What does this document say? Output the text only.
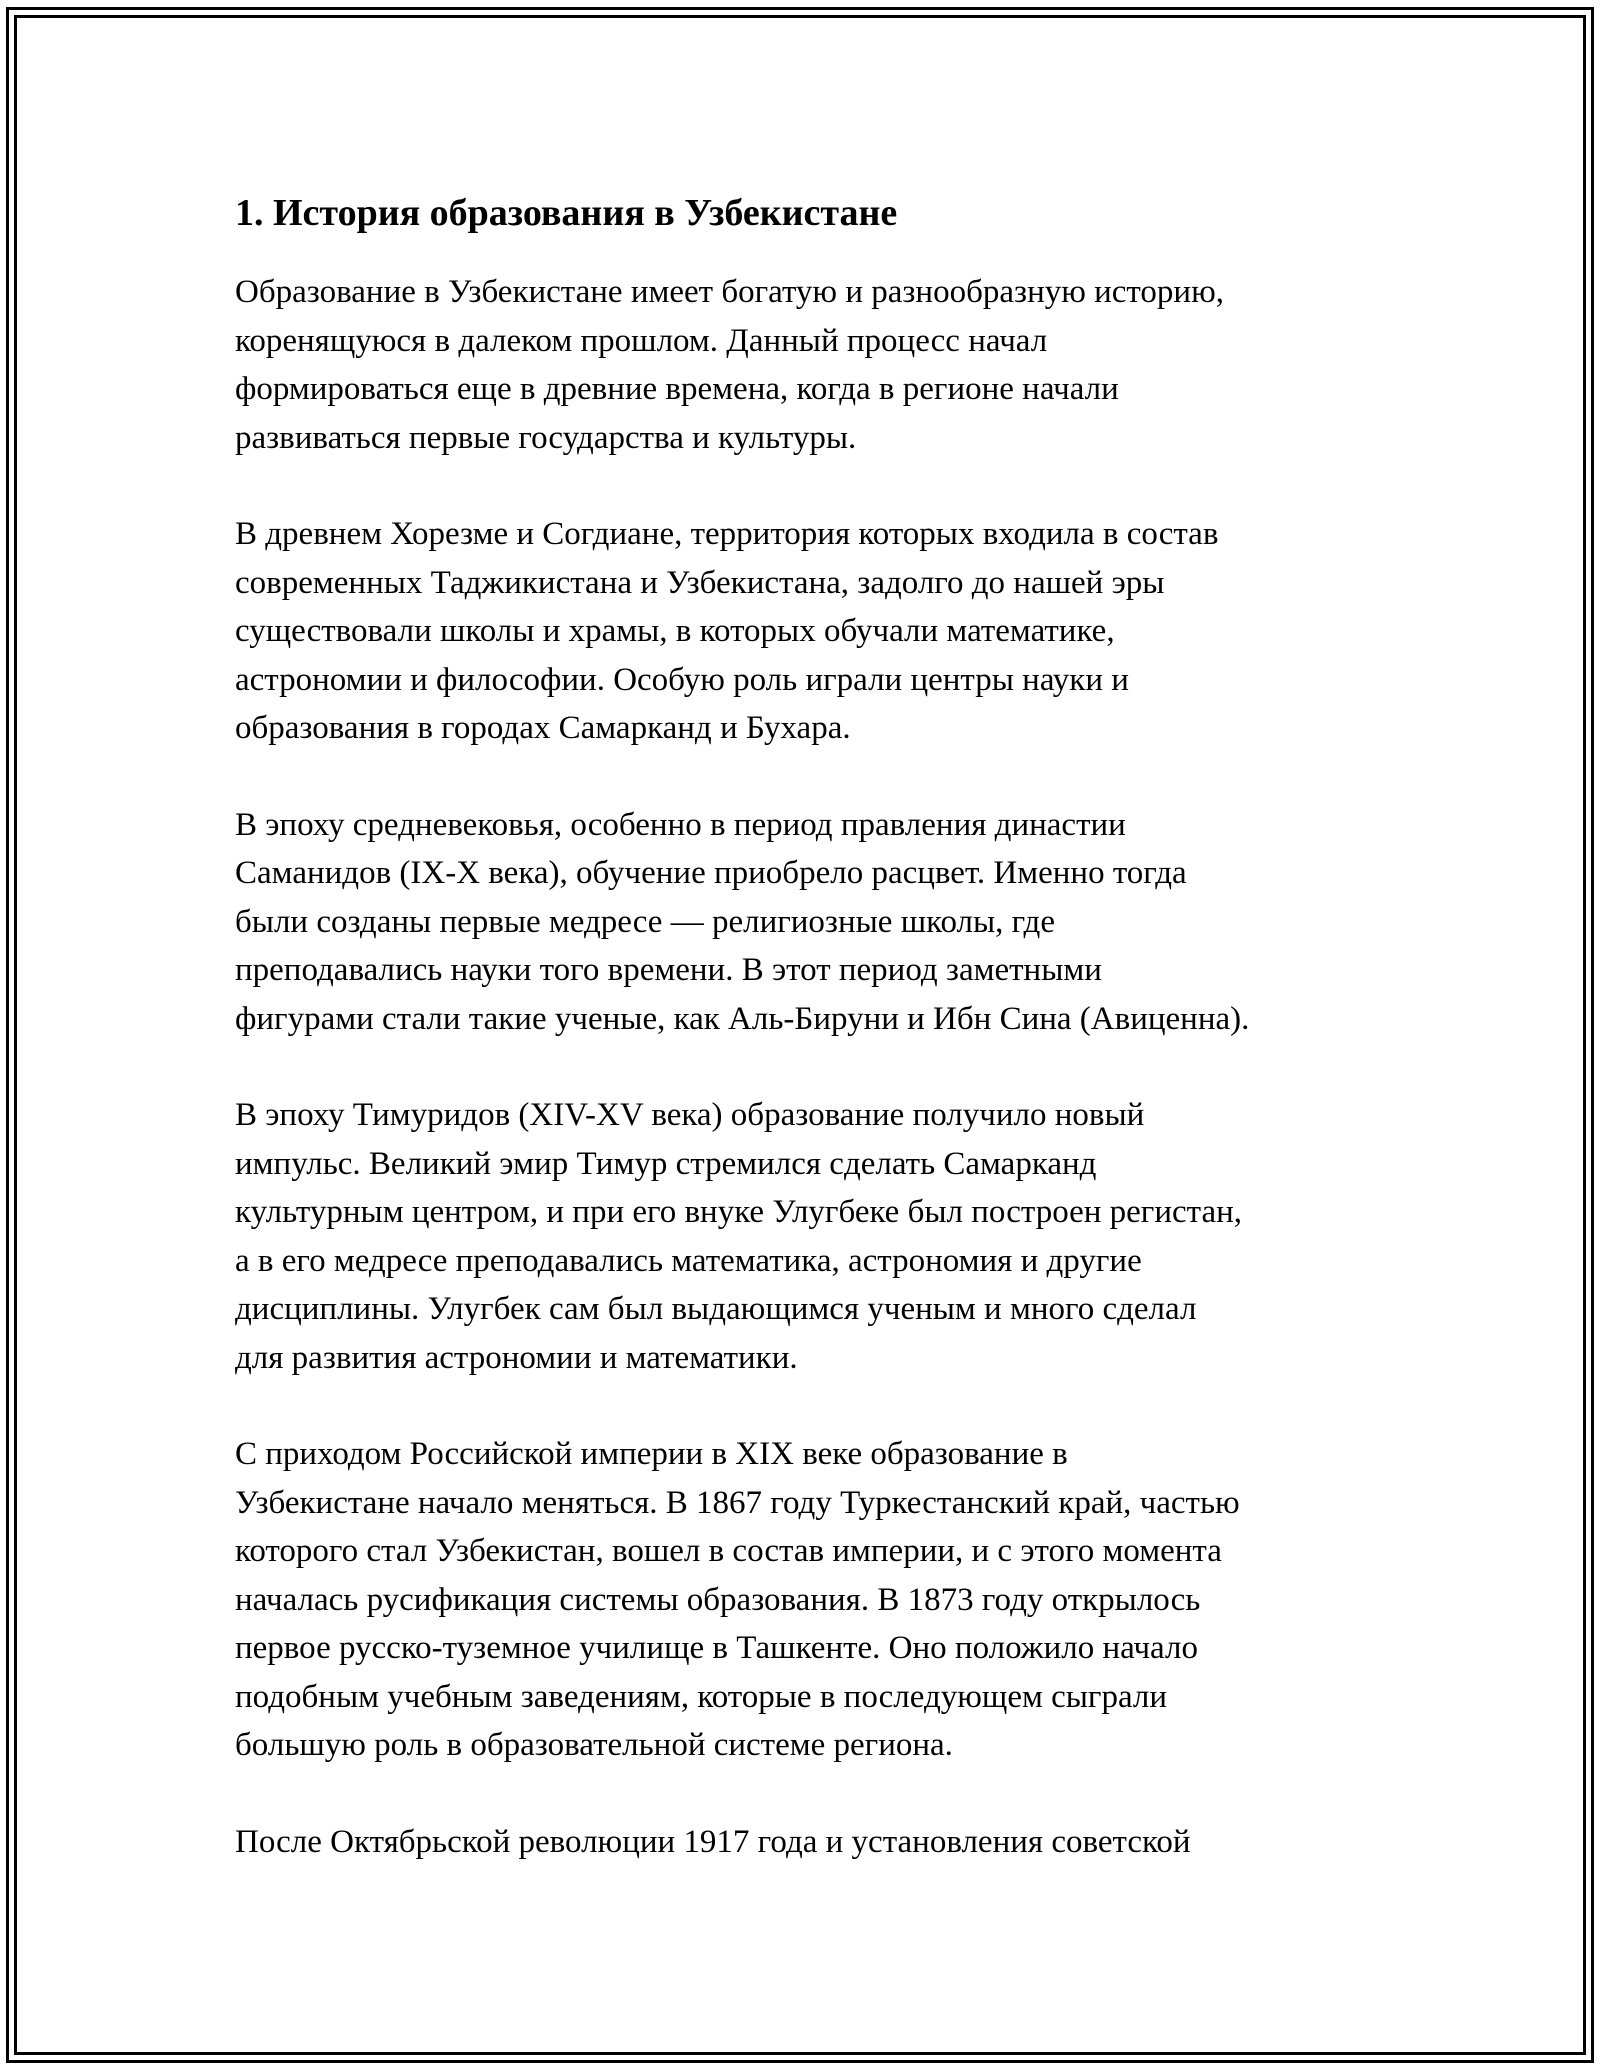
1. История образования в Узбекистане

Образование в Узбекистане имеет богатую и разнообразную историю,
коренящуюся в далеком прошлом. Данный процесс начал
формироваться еще в древние времена, когда в регионе начали
развиваться первые государства и культуры.

В древнем Хорезме и Согдиане, территория которых входила в состав
современных Таджикистана и Узбекистана, задолго до нашей эры
существовали школы и храмы, в которых обучали математике,
астрономии и философии. Особую роль играли центры науки и
образования в городах Самарканд и Бухара.

В эпоху средневековья, особенно в период правления династии
Саманидов (IX-X века), обучение приобрело расцвет. Именно тогда
были созданы первые медресе — религиозные школы, где
преподавались науки того времени. В этот период заметными
фигурами стали такие ученые, как Аль-Бируни и Ибн Сина (Авиценна).

В эпоху Тимуридов (XIV-XV века) образование получило новый
импульс. Великий эмир Тимур стремился сделать Самарканд
культурным центром, и при его внуке Улугбеке был построен регистан,
а в его медресе преподавались математика, астрономия и другие
дисциплины. Улугбек сам был выдающимся ученым и много сделал
для развития астрономии и математики.

С приходом Российской империи в XIX веке образование в
Узбекистане начало меняться. В 1867 году Туркестанский край, частью
которого стал Узбекистан, вошел в состав империи, и с этого момента
началась русификация системы образования. В 1873 году открылось
первое русско-туземное училище в Ташкенте. Оно положило начало
подобным учебным заведениям, которые в последующем сыграли
большую роль в образовательной системе региона.

После Октябрьской революции 1917 года и установления советской
